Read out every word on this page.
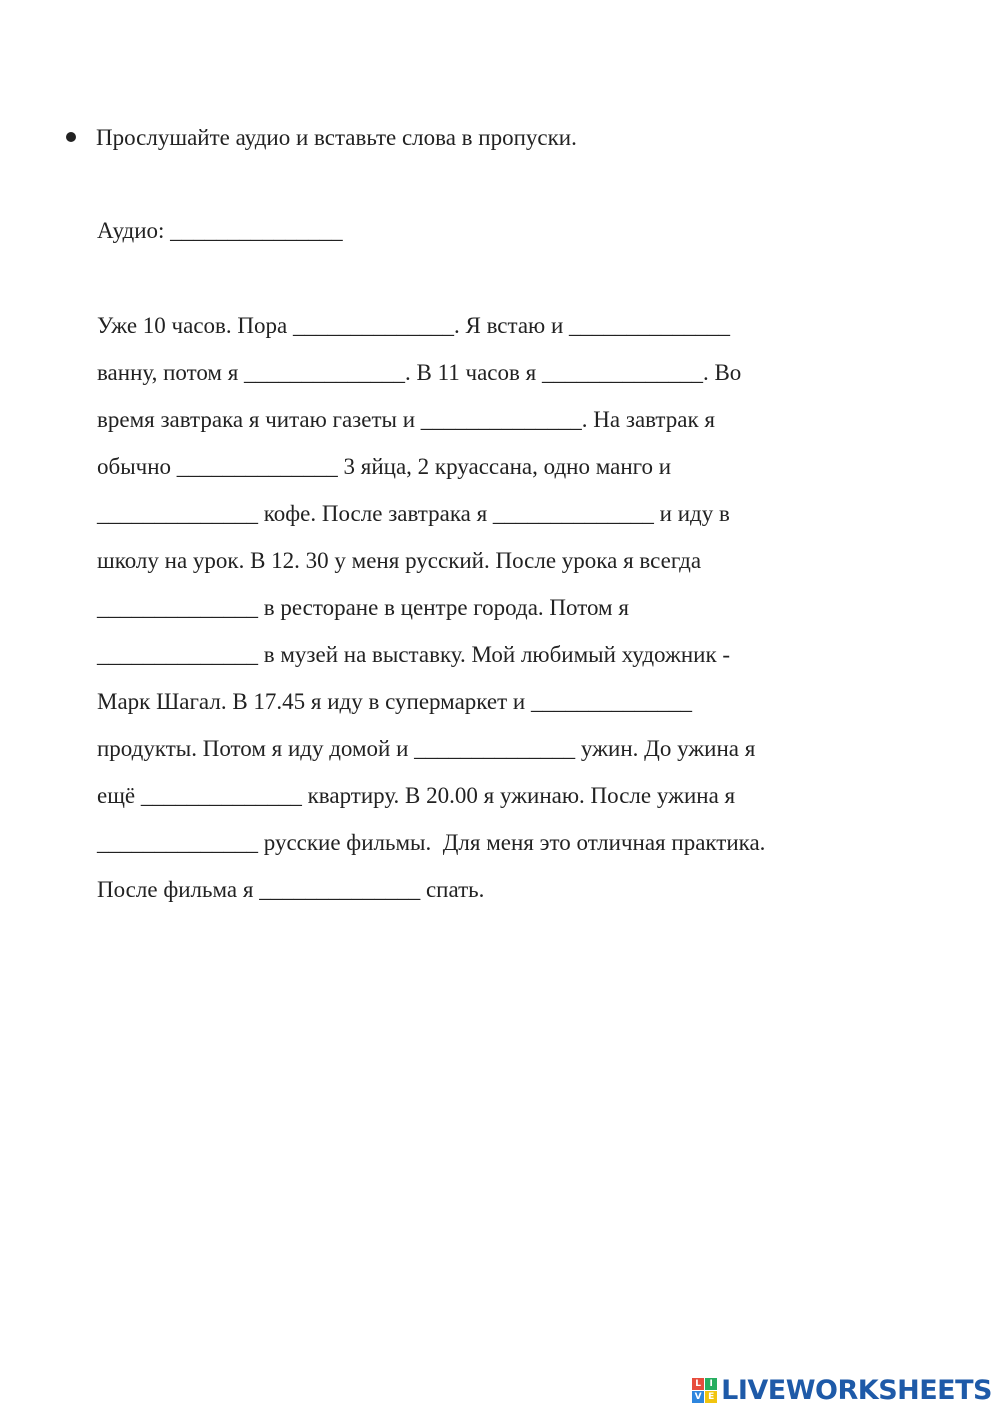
Прослушайте аудио и вставьте слова в пропуски.
Аудио: _______________
Уже 10 часов. Пора ______________. Я встаю и ______________
ванну, потом я ______________. В 11 часов я ______________. Во
время завтрака я читаю газеты и ______________. На завтрак я
обычно ______________ 3 яйца, 2 круассана, одно манго и
______________ кофе. После завтрака я ______________ и иду в
школу на урок. В 12. 30 у меня русский. После урока я всегда
______________ в ресторане в центре города. Потом я
______________ в музей на выставку. Мой любимый художник -
Марк Шагал. В 17.45 я иду в супермаркет и ______________
продукты. Потом я иду домой и ______________ ужин. До ужина я
ещё ______________ квартиру. В 20.00 я ужинаю. После ужина я
______________ русские фильмы.  Для меня это отличная практика.
После фильма я ______________ спать.
L I
V E LIVEWORKSHEETS
